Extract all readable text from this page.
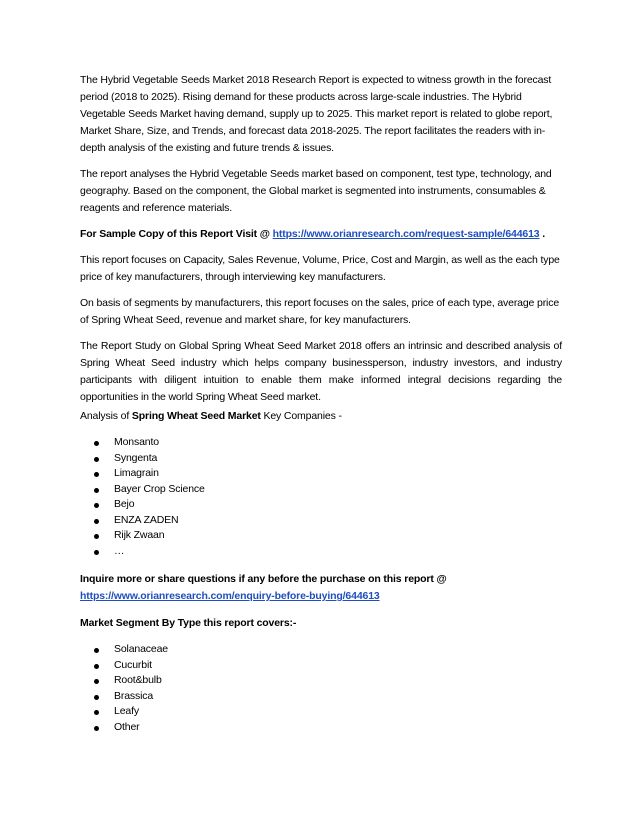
The Hybrid Vegetable Seeds Market 2018 Research Report is expected to witness growth in the forecast period (2018 to 2025). Rising demand for these products across large-scale industries. The Hybrid Vegetable Seeds Market having demand, supply up to 2025. This market report is related to globe report, Market Share, Size, and Trends, and forecast data 2018-2025. The report facilitates the readers with in-depth analysis of the existing and future trends & issues.

The report analyses the Hybrid Vegetable Seeds market based on component, test type, technology, and geography. Based on the component, the Global market is segmented into instruments, consumables & reagents and reference materials.

For Sample Copy of this Report Visit @ https://www.orianresearch.com/request-sample/644613 .

This report focuses on Capacity, Sales Revenue, Volume, Price, Cost and Margin, as well as the each type price of key manufacturers, through interviewing key manufacturers.

On basis of segments by manufacturers, this report focuses on the sales, price of each type, average price of Spring Wheat Seed, revenue and market share, for key manufacturers.

The Report Study on Global Spring Wheat Seed Market 2018 offers an intrinsic and described analysis of Spring Wheat Seed industry which helps company businessperson, industry investors, and industry participants with diligent intuition to enable them make informed integral decisions regarding the opportunities in the world Spring Wheat Seed market.

Analysis of Spring Wheat Seed Market Key Companies -

Monsanto
Syngenta
Limagrain
Bayer Crop Science
Bejo
ENZA ZADEN
Rijk Zwaan
…

Inquire more or share questions if any before the purchase on this report @
https://www.orianresearch.com/enquiry-before-buying/644613

Market Segment By Type this report covers:-

Solanaceae
Cucurbit
Root&bulb
Brassica
Leafy
Other
